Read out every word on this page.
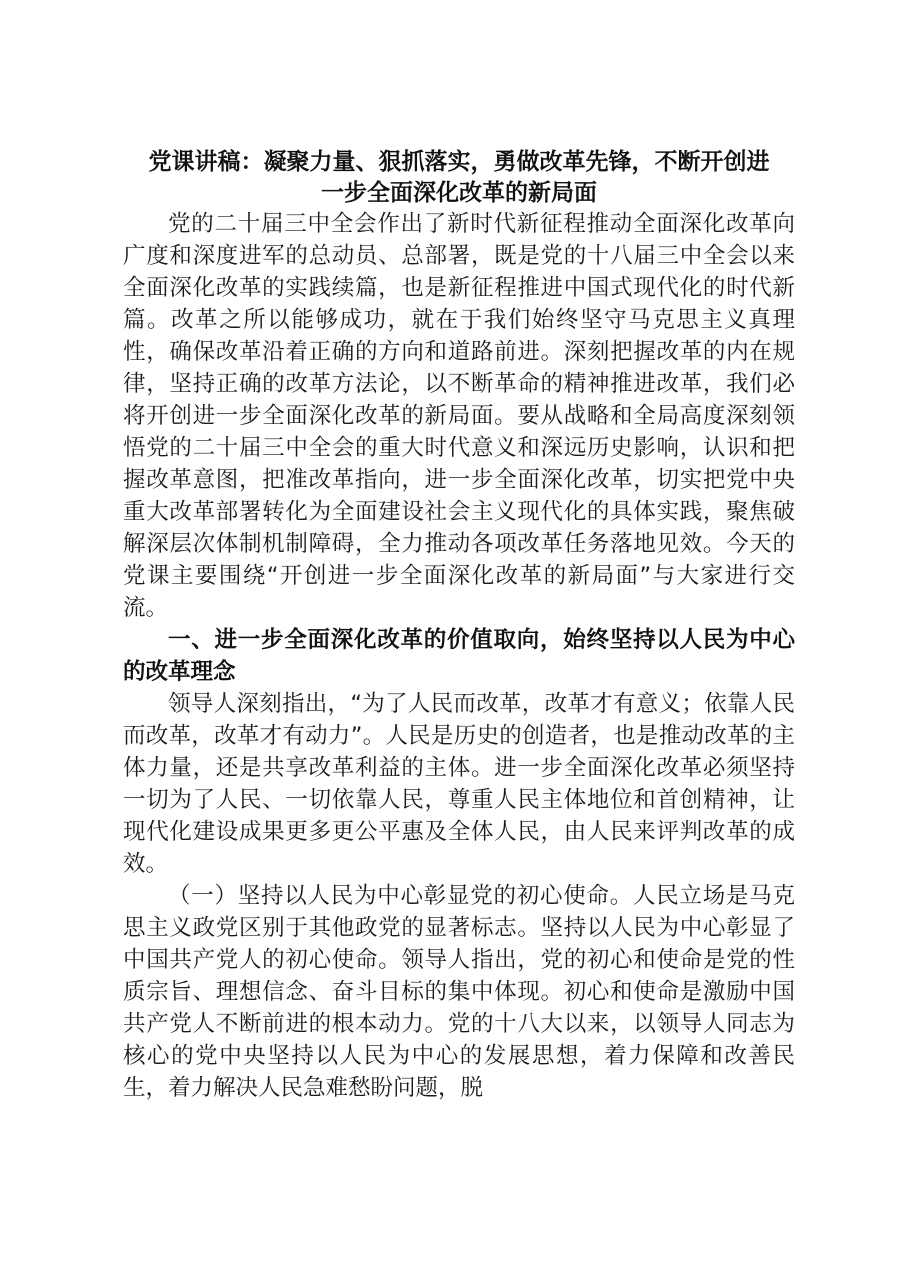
党课讲稿：凝聚力量、狠抓落实，勇做改革先锋，不断开创进
一步全面深化改革的新局面

党的二十届三中全会作出了新时代新征程推动全面深化改革向广度和深度进军的总动员、总部署，既是党的十八届三中全会以来全面深化改革的实践续篇，也是新征程推进中国式现代化的时代新篇。改革之所以能够成功，就在于我们始终坚守马克思主义真理性，确保改革沿着正确的方向和道路前进。深刻把握改革的内在规律，坚持正确的改革方法论，以不断革命的精神推进改革，我们必将开创进一步全面深化改革的新局面。要从战略和全局高度深刻领悟党的二十届三中全会的重大时代意义和深远历史影响，认识和把握改革意图，把准改革指向，进一步全面深化改革，切实把党中央重大改革部署转化为全面建设社会主义现代化的具体实践，聚焦破解深层次体制机制障碍，全力推动各项改革任务落地见效。今天的党课主要围绕“开创进一步全面深化改革的新局面”与大家进行交流。

一、进一步全面深化改革的价值取向，始终坚持以人民为中心的改革理念

领导人深刻指出，“为了人民而改革，改革才有意义；依靠人民而改革，改革才有动力”。人民是历史的创造者，也是推动改革的主体力量，还是共享改革利益的主体。进一步全面深化改革必须坚持一切为了人民、一切依靠人民，尊重人民主体地位和首创精神，让现代化建设成果更多更公平惠及全体人民，由人民来评判改革的成效。

（一）坚持以人民为中心彰显党的初心使命。人民立场是马克思主义政党区别于其他政党的显著标志。坚持以人民为中心彰显了中国共产党人的初心使命。领导人指出，党的初心和使命是党的性质宗旨、理想信念、奋斗目标的集中体现。初心和使命是激励中国共产党人不断前进的根本动力。党的十八大以来，以领导人同志为核心的党中央坚持以人民为中心的发展思想，着力保障和改善民生，着力解决人民急难愁盼问题，脱
